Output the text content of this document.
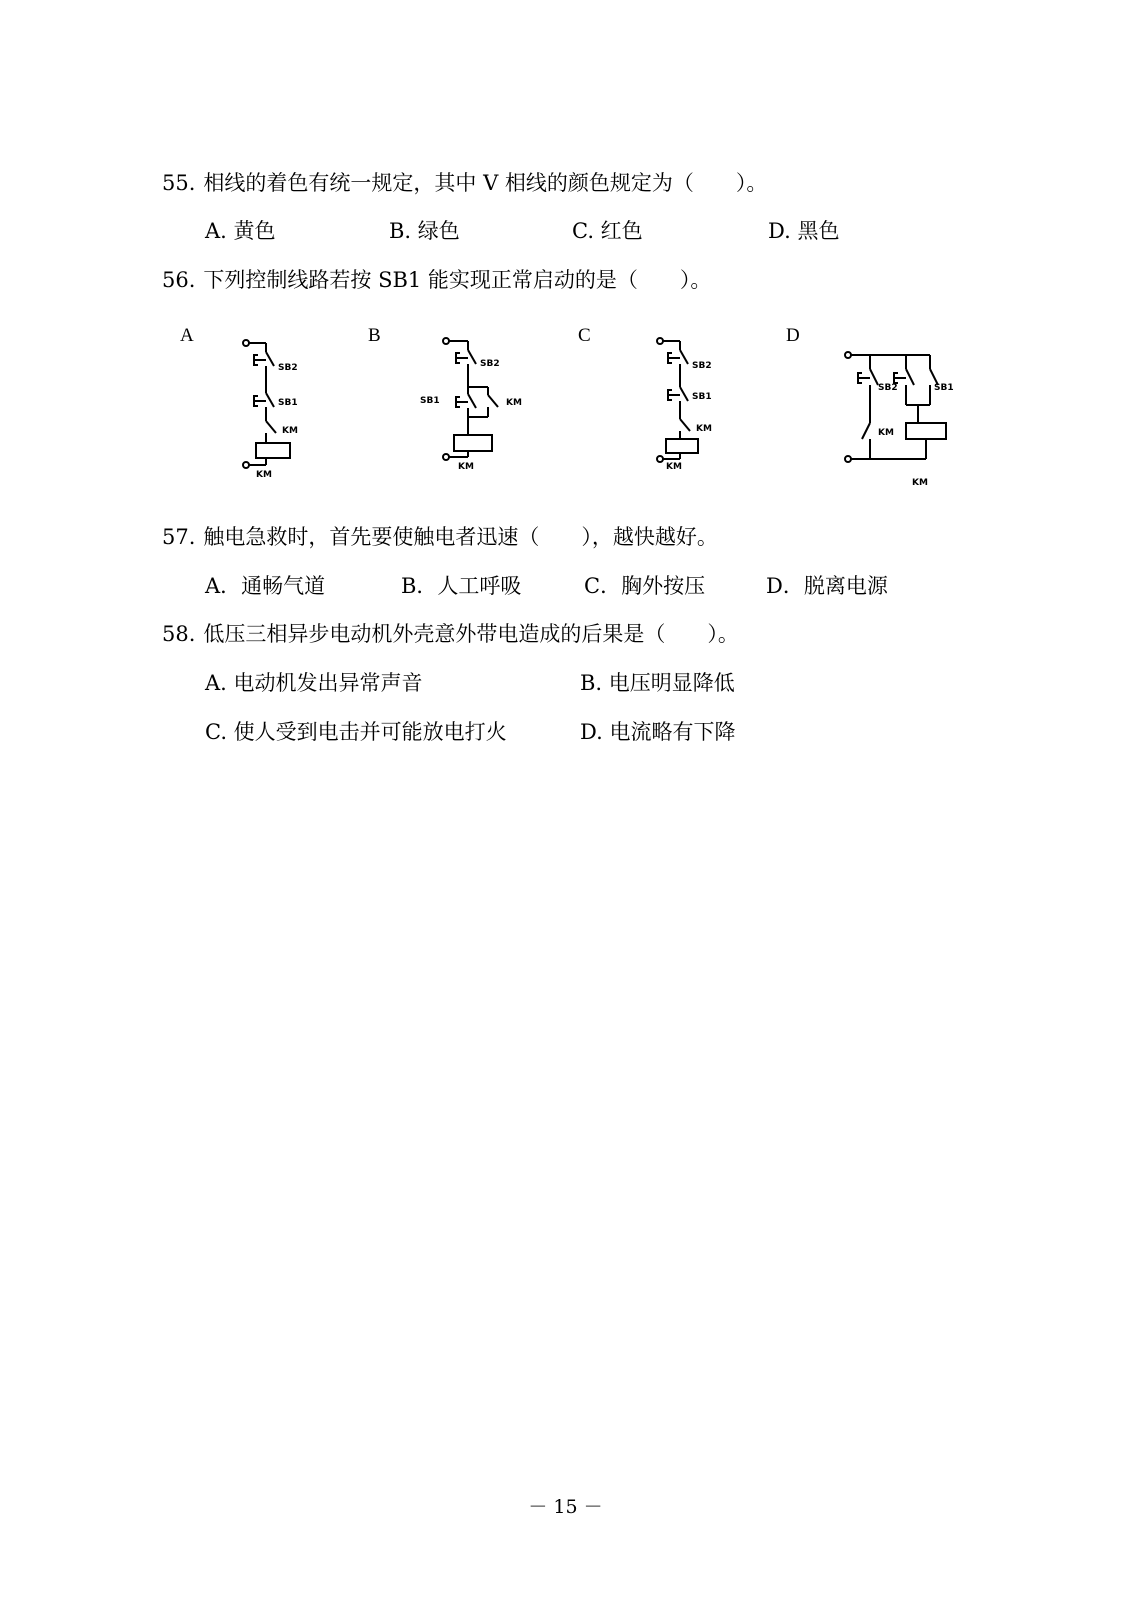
55. 相线的着色有统一规定，其中 V 相线的颜色规定为（　　）。
A. 黄色	B. 绿色	C. 红色	D. 黑色
56. 下列控制线路若按 SB1 能实现正常启动的是（　　）。
A	B	C	D
SB2
SB1
KM
KM
SB2
SB1	KM
KM
SB2
SB1
KM
KM
SB2	SB1
KM
KM
57. 触电急救时，首先要使触电者迅速（　　），越快越好。
A．通畅气道	B．人工呼吸	C．胸外按压	D．脱离电源
58. 低压三相异步电动机外壳意外带电造成的后果是（　　）。
A. 电动机发出异常声音	B. 电压明显降低
C. 使人受到电击并可能放电打火	D. 电流略有下降
－ 15 －
